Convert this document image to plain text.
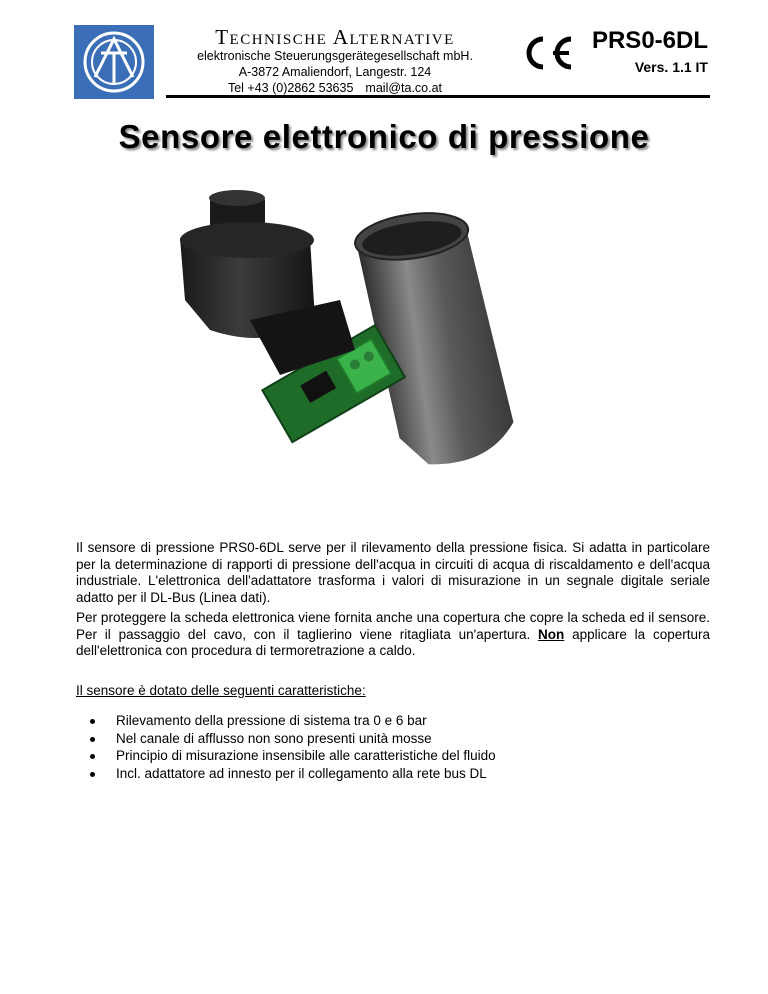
Technische Alternative
elektronische Steuerungsgerätegesellschaft mbH.
A-3872 Amaliendorf, Langestr. 124
Tel +43 (0)2862 53635 mail@ta.co.at
PRS0-6DL
Vers. 1.1 IT
Sensore elettronico di pressione

Il sensore di pressione PRS0-6DL serve per il rilevamento della pressione fisica. Si adatta in particolare per la determinazione di rapporti di pressione dell'acqua in circuiti di acqua di riscaldamento e dell'acqua industriale. L'elettronica dell'adattatore trasforma i valori di misurazione in un segnale digitale seriale adatto per il DL-Bus (Linea dati).

Per proteggere la scheda elettronica viene fornita anche una copertura che copre la scheda ed il sensore. Per il passaggio del cavo, con il taglierino viene ritagliata un'apertura. Non applicare la copertura dell'elettronica con procedura di termoretrazione a caldo.

Il sensore è dotato delle seguenti caratteristiche:
Rilevamento della pressione di sistema tra 0 e 6 bar
Nel canale di afflusso non sono presenti unità mosse
Principio di misurazione insensibile alle caratteristiche del fluido
Incl. adattatore ad innesto per il collegamento alla rete bus DL
